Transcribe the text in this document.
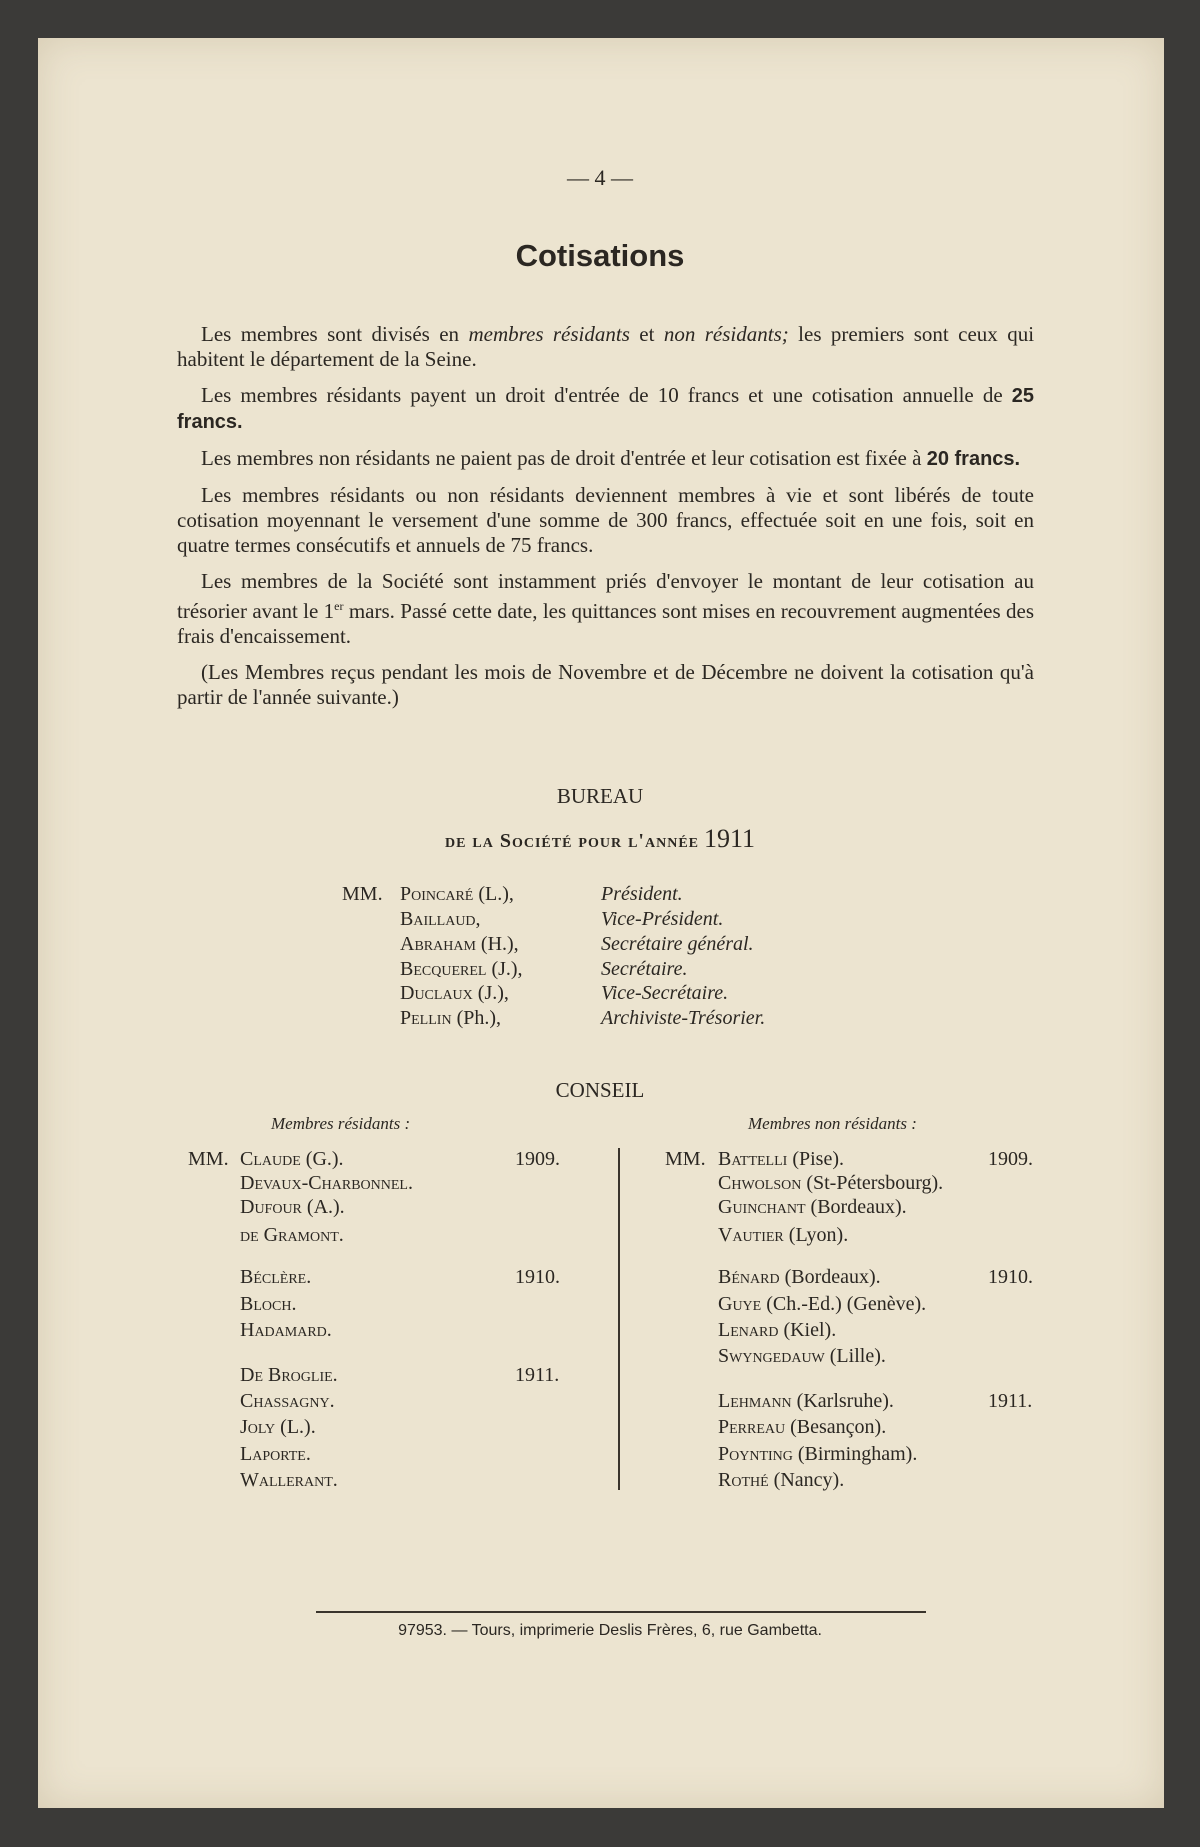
— 4 —
Cotisations

Les membres sont divisés en membres résidants et non résidants; les premiers sont ceux qui habitent le département de la Seine.

Les membres résidants payent un droit d'entrée de 10 francs et une cotisation annuelle de 25 francs.

Les membres non résidants ne paient pas de droit d'entrée et leur cotisation est fixée à 20 francs.

Les membres résidants ou non résidants deviennent membres à vie et sont libérés de toute cotisation moyennant le versement d'une somme de 300 francs, effectuée soit en une fois, soit en quatre termes consécutifs et annuels de 75 francs.

Les membres de la Société sont instamment priés d'envoyer le montant de leur cotisation au trésorier avant le 1er mars. Passé cette date, les quittances sont mises en recouvrement augmentées des frais d'encaissement.

(Les Membres reçus pendant les mois de Novembre et de Décembre ne doivent la cotisation qu'à partir de l'année suivante.)

BUREAU
de la Société pour l'année 1911
MM. Poincaré (L.),	Président.
Baillaud,	Vice-Président.
Abraham (H.),	Secrétaire général.
Becquerel (J.),	Secrétaire.
Duclaux (J.),	Vice-Secrétaire.
Pellin (Ph.),	Archiviste-Trésorier.
CONSEIL
Membres résidants :	Membres non résidants :
MM.	MM.
Claude (G.).	1909.
Devaux-Charbonnel.
Dufour (A.).
de Gramont.
Béclère.	1910.
Bloch.
Hadamard.
De Broglie.	1911.
Chassagny.
Joly (L.).
Laporte.
Wallerant.
Battelli (Pise).	1909.
Chwolson (St-Pétersbourg).
Guinchant (Bordeaux).
Vautier (Lyon).
Bénard (Bordeaux).	1910.
Guye (Ch.-Ed.) (Genève).
Lenard (Kiel).
Swyngedauw (Lille).
Lehmann (Karlsruhe).	1911.
Perreau (Besançon).
Poynting (Birmingham).
Rothé (Nancy).
97953. — Tours, imprimerie Deslis Frères, 6, rue Gambetta.
